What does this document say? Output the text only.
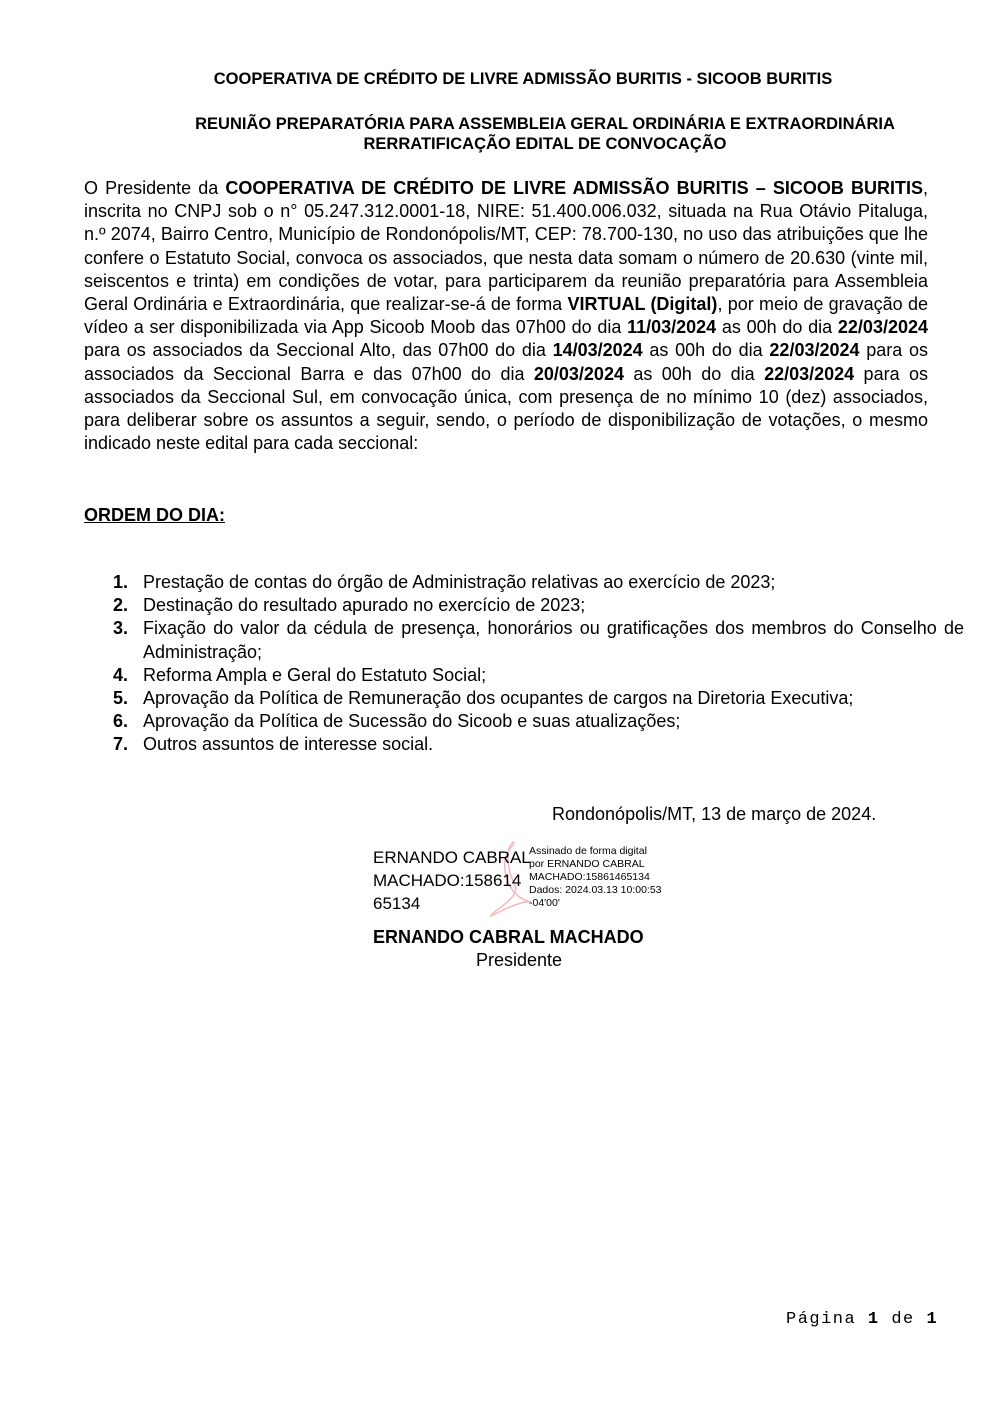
COOPERATIVA DE CRÉDITO DE LIVRE ADMISSÃO BURITIS - SICOOB BURITIS
REUNIÃO PREPARATÓRIA PARA ASSEMBLEIA GERAL ORDINÁRIA E EXTRAORDINÁRIA
RERRATIFICAÇÃO EDITAL DE CONVOCAÇÃO
O Presidente da COOPERATIVA DE CRÉDITO DE LIVRE ADMISSÃO BURITIS – SICOOB BURITIS, inscrita no CNPJ sob o n° 05.247.312.0001-18, NIRE: 51.400.006.032, situada na Rua Otávio Pitaluga, n.º 2074, Bairro Centro, Município de Rondonópolis/MT, CEP: 78.700-130, no uso das atribuições que lhe confere o Estatuto Social, convoca os associados, que nesta data somam o número de 20.630 (vinte mil, seiscentos e trinta) em condições de votar, para participarem da reunião preparatória para Assembleia Geral Ordinária e Extraordinária, que realizar-se-á de forma VIRTUAL (Digital), por meio de gravação de vídeo a ser disponibilizada via App Sicoob Moob das 07h00 do dia 11/03/2024 as 00h do dia 22/03/2024 para os associados da Seccional Alto, das 07h00 do dia 14/03/2024 as 00h do dia 22/03/2024 para os associados da Seccional Barra e das 07h00 do dia 20/03/2024 as 00h do dia 22/03/2024 para os associados da Seccional Sul, em convocação única, com presença de no mínimo 10 (dez) associados, para deliberar sobre os assuntos a seguir, sendo, o período de disponibilização de votações, o mesmo indicado neste edital para cada seccional:
ORDEM DO DIA:
1. Prestação de contas do órgão de Administração relativas ao exercício de 2023;
2. Destinação do resultado apurado no exercício de 2023;
3. Fixação do valor da cédula de presença, honorários ou gratificações dos membros do Conselho de Administração;
4. Reforma Ampla e Geral do Estatuto Social;
5. Aprovação da Política de Remuneração dos ocupantes de cargos na Diretoria Executiva;
6. Aprovação da Política de Sucessão do Sicoob e suas atualizações;
7. Outros assuntos de interesse social.
Rondonópolis/MT, 13 de março de 2024.
ERNANDO CABRAL
MACHADO:158614
65134
Assinado de forma digital
por ERNANDO CABRAL
MACHADO:15861465134
Dados: 2024.03.13 10:00:53
-04'00'
ERNANDO CABRAL MACHADO
Presidente
Página 1 de 1
